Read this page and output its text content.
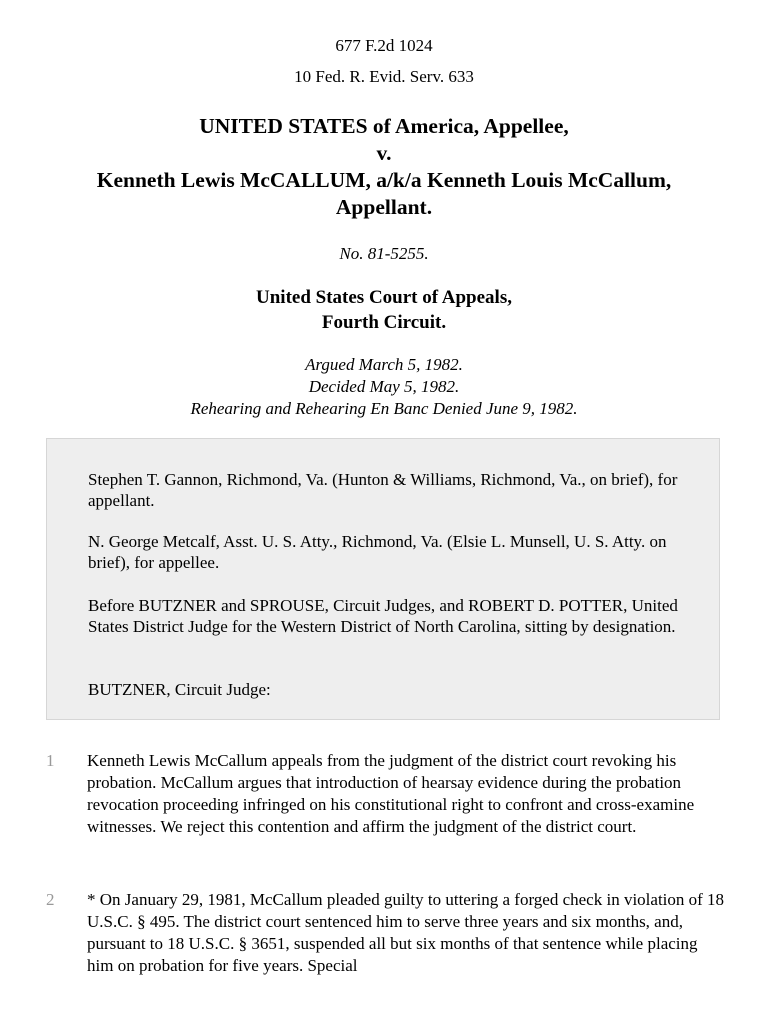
677 F.2d 1024
10 Fed. R. Evid. Serv. 633
UNITED STATES of America, Appellee,
v.
Kenneth Lewis McCALLUM, a/k/a Kenneth Louis McCallum,
Appellant.
No. 81-5255.
United States Court of Appeals,
Fourth Circuit.
Argued March 5, 1982.
Decided May 5, 1982.
Rehearing and Rehearing En Banc Denied June 9, 1982.

Stephen T. Gannon, Richmond, Va. (Hunton & Williams, Richmond, Va., on brief), for appellant.

N. George Metcalf, Asst. U. S. Atty., Richmond, Va. (Elsie L. Munsell, U. S. Atty. on brief), for appellee.

Before BUTZNER and SPROUSE, Circuit Judges, and ROBERT D. POTTER, United States District Judge for the Western District of North Carolina, sitting by designation.

BUTZNER, Circuit Judge:

1 Kenneth Lewis McCallum appeals from the judgment of the district court revoking his probation. McCallum argues that introduction of hearsay evidence during the probation revocation proceeding infringed on his constitutional right to confront and cross-examine witnesses. We reject this contention and affirm the judgment of the district court.

2 * On January 29, 1981, McCallum pleaded guilty to uttering a forged check in violation of 18 U.S.C. § 495. The district court sentenced him to serve three years and six months, and, pursuant to 18 U.S.C. § 3651, suspended all but six months of that sentence while placing him on probation for five years. Special
